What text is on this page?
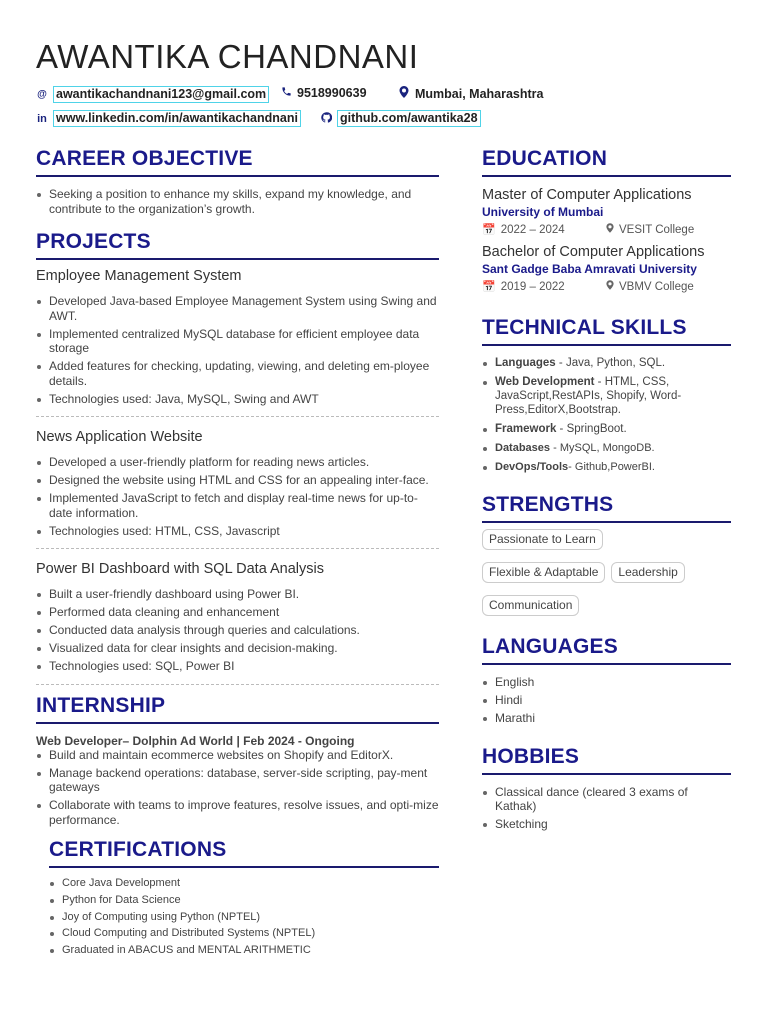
AWANTIKA CHANDNANI
@ awantikachandnani123@gmail.com 9518990639	Mumbai, Maharashtra
in www.linkedin.com/in/awantikachandnani	github.com/awantika28
CAREER OBJECTIVE
Seeking a position to enhance my skills, expand my knowledge, and contribute to the organization’s growth.
PROJECTS
Employee Management System
Developed Java-based Employee Management System using Swing and AWT.
Implemented centralized MySQL database for efficient employee data storage
Added features for checking, updating, viewing, and deleting em-ployee details.
Technologies used: Java, MySQL, Swing and AWT
News Application Website
Developed a user-friendly platform for reading news articles.
Designed the website using HTML and CSS for an appealing inter-face.
Implemented JavaScript to fetch and display real-time news for up-to-date information.
Technologies used: HTML, CSS, Javascript
Power BI Dashboard with SQL Data Analysis
Built a user-friendly dashboard using Power BI.
Performed data cleaning and enhancement
Conducted data analysis through queries and calculations.
Visualized data for clear insights and decision-making.
Technologies used: SQL, Power BI
INTERNSHIP
Web Developer– Dolphin Ad World | Feb 2024 - Ongoing
Build and maintain ecommerce websites on Shopify and EditorX.
Manage backend operations: database, server-side scripting, pay-ment gateways
Collaborate with teams to improve features, resolve issues, and opti-mize performance.
CERTIFICATIONS
Core Java Development
Python for Data Science
Joy of Computing using Python (NPTEL)
Cloud Computing and Distributed Systems (NPTEL)
Graduated in ABACUS and MENTAL ARITHMETIC
EDUCATION
Master of Computer Applications
University of Mumbai
📅 2022 – 2024	VESIT College
Bachelor of Computer Applications
Sant Gadge Baba Amravati University
📅 2019 – 2022	VBMV College
TECHNICAL SKILLS
Languages - Java, Python, SQL.
Web Development - HTML, CSS, JavaScript,RestAPIs, Shopify, Word-Press,EditorX,Bootstrap.
Framework - SpringBoot.
Databases - MySQL, MongoDB.
DevOps/Tools- Github,PowerBI.
STRENGTHS
Passionate to Learn
Flexible & Adaptable	Leadership
Communication
LANGUAGES
English
Hindi
Marathi
HOBBIES
Classical dance (cleared 3 exams of Kathak)
Sketching
